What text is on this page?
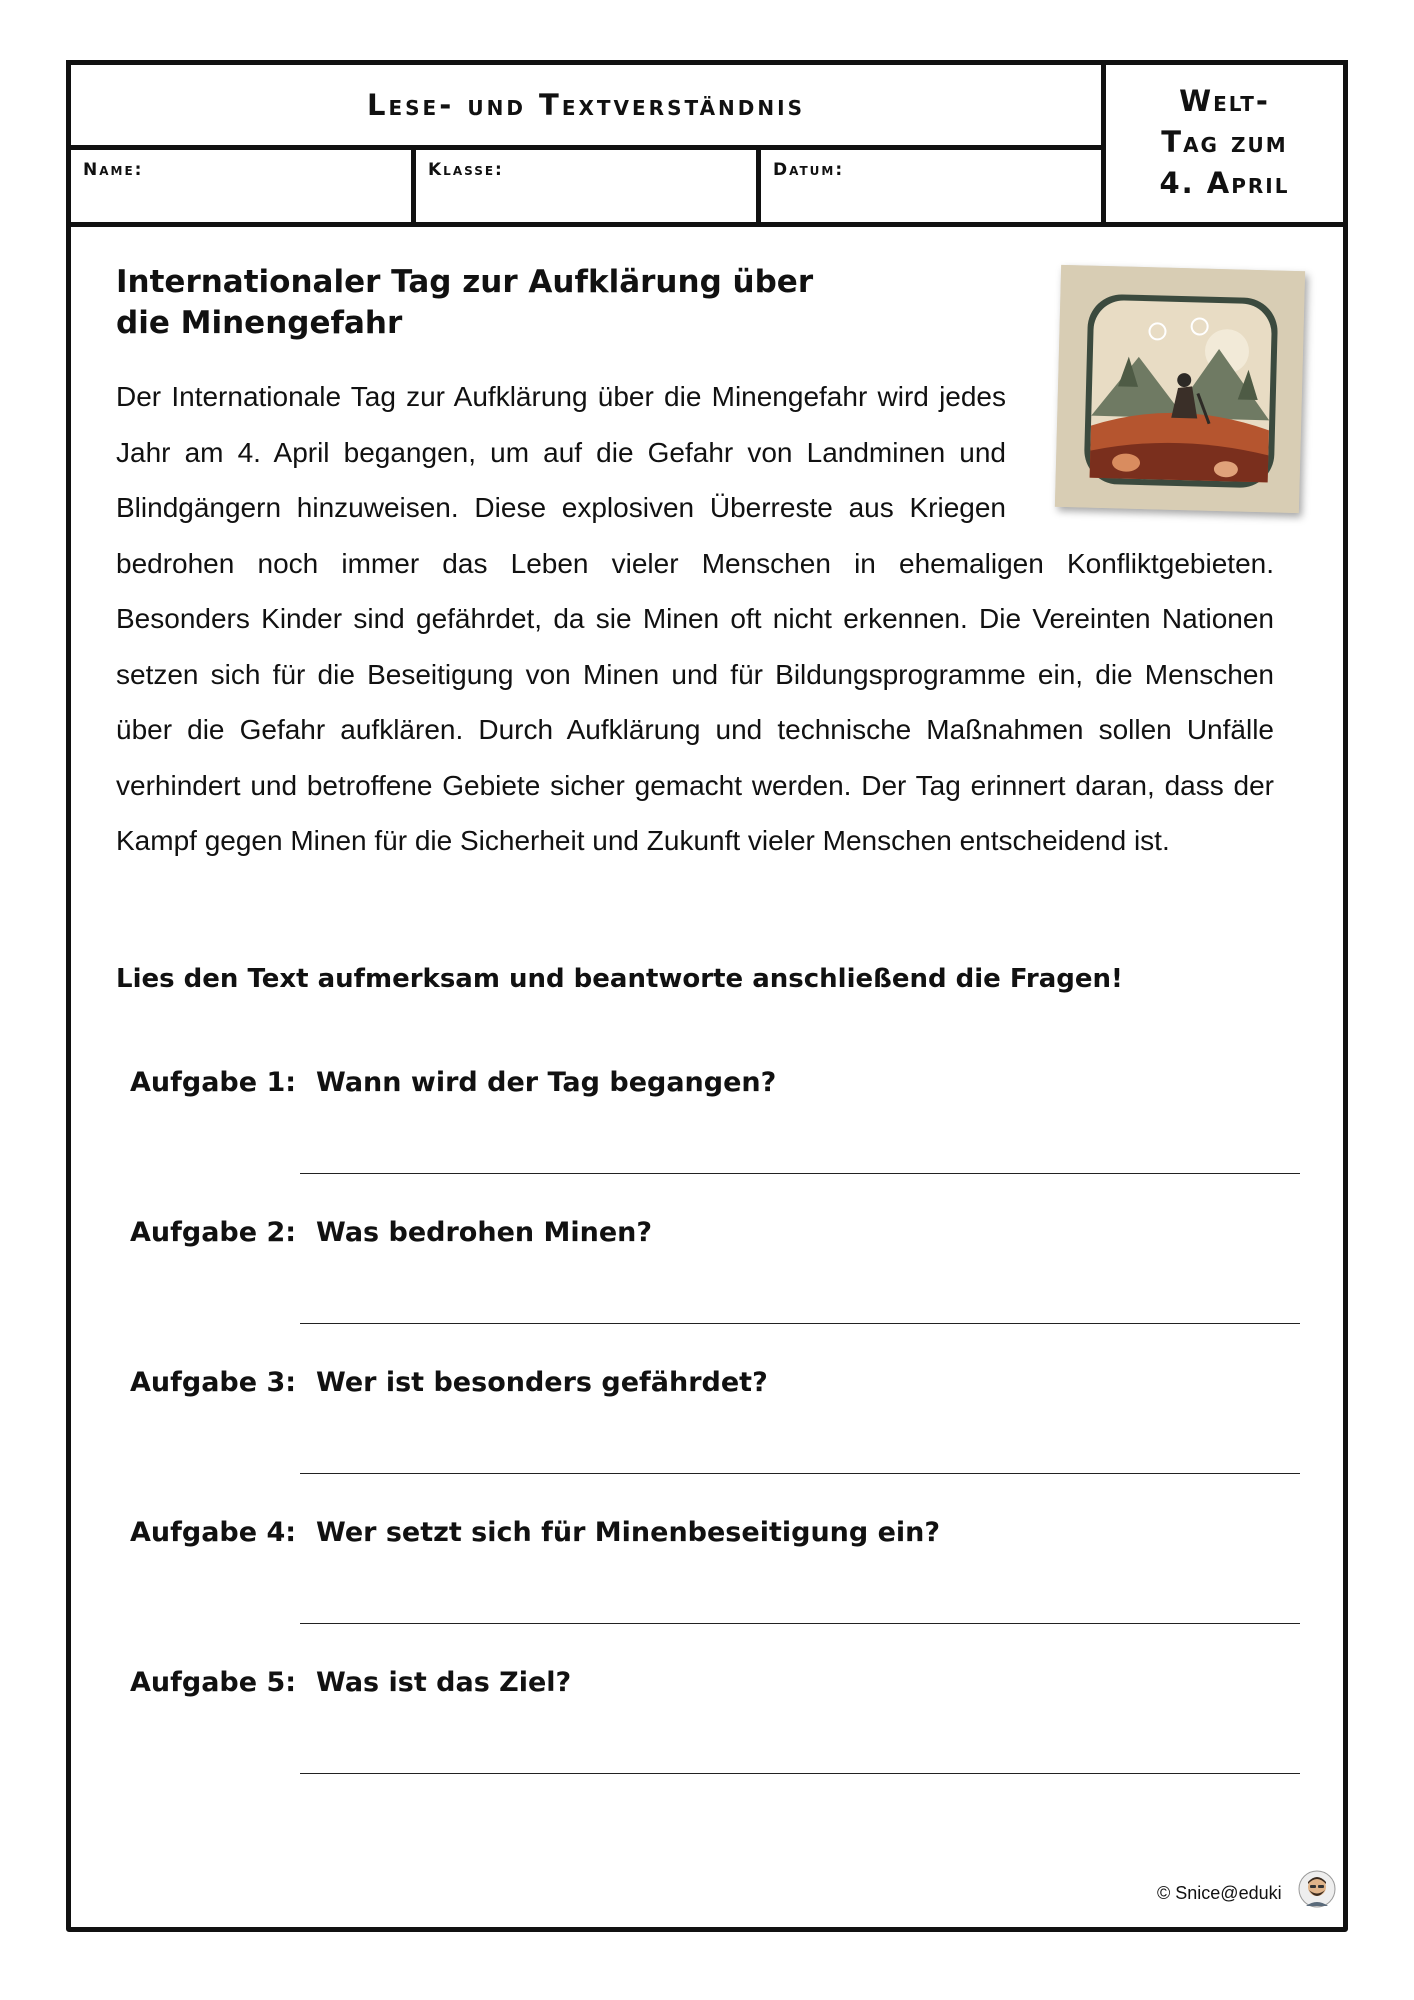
Lese- und Textverständnis
Name:	Klasse:	Datum:
Welt-
Tag zum
4. April
Internationaler Tag zur Aufklärung über die Minengefahr
Der Internationale Tag zur Aufklärung über die Minengefahr wird jedes Jahr am 4. April begangen, um auf die Gefahr von Landminen und Blindgängern hinzuweisen. Diese explosiven Überreste aus Kriegen bedrohen noch immer das Leben vieler Menschen in ehemaligen Konfliktgebieten. Besonders Kinder sind gefährdet, da sie Minen oft nicht erkennen. Die Vereinten Nationen setzen sich für die Beseitigung von Minen und für Bildungsprogramme ein, die Menschen über die Gefahr aufklären. Durch Aufklärung und technische Maßnahmen sollen Unfälle verhindert und betroffene Gebiete sicher gemacht werden. Der Tag erinnert daran, dass der Kampf gegen Minen für die Sicherheit und Zukunft vieler Menschen entscheidend ist.
Lies den Text aufmerksam und beantworte anschließend die Fragen!
Aufgabe 1: Wann wird der Tag begangen?
Aufgabe 2: Was bedrohen Minen?
Aufgabe 3: Wer ist besonders gefährdet?
Aufgabe 4: Wer setzt sich für Minenbeseitigung ein?
Aufgabe 5: Was ist das Ziel?
© Snice@eduki
